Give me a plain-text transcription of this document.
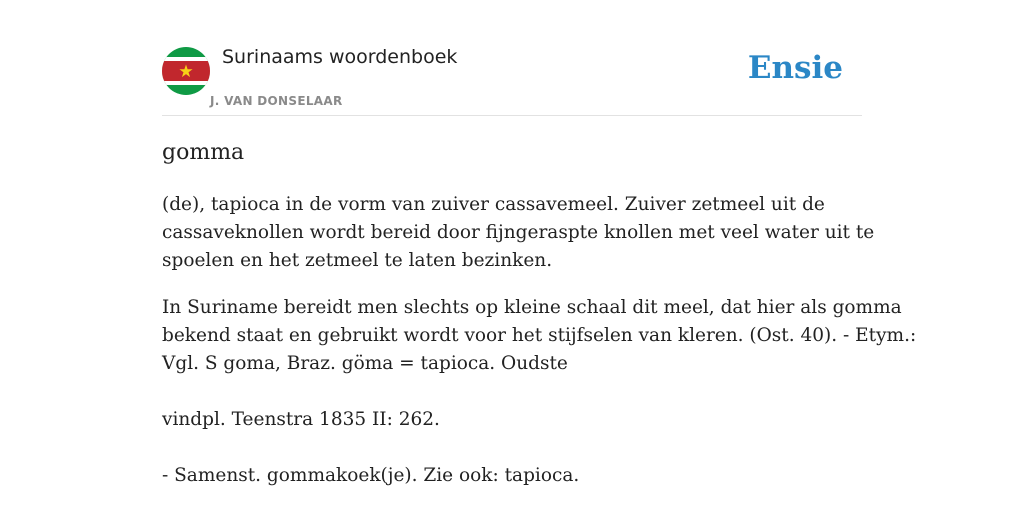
Surinaams woordenboek
J. VAN DONSELAAR
Ensie
gomma

(de), tapioca in de vorm van zuiver cassavemeel. Zuiver zetmeel uit de
cassaveknollen wordt bereid door fijngeraspte knollen met veel water uit te
spoelen en het zetmeel te laten bezinken.

In Suriname bereidt men slechts op kleine schaal dit meel, dat hier als gomma
bekend staat en gebruikt wordt voor het stijfselen van kleren. (Ost. 40). - Etym.:
Vgl. S goma, Braz. göma = tapioca. Oudste
vindpl. Teenstra 1835 II: 262.
- Samenst. gommakoek(je). Zie ook: tapioca.
